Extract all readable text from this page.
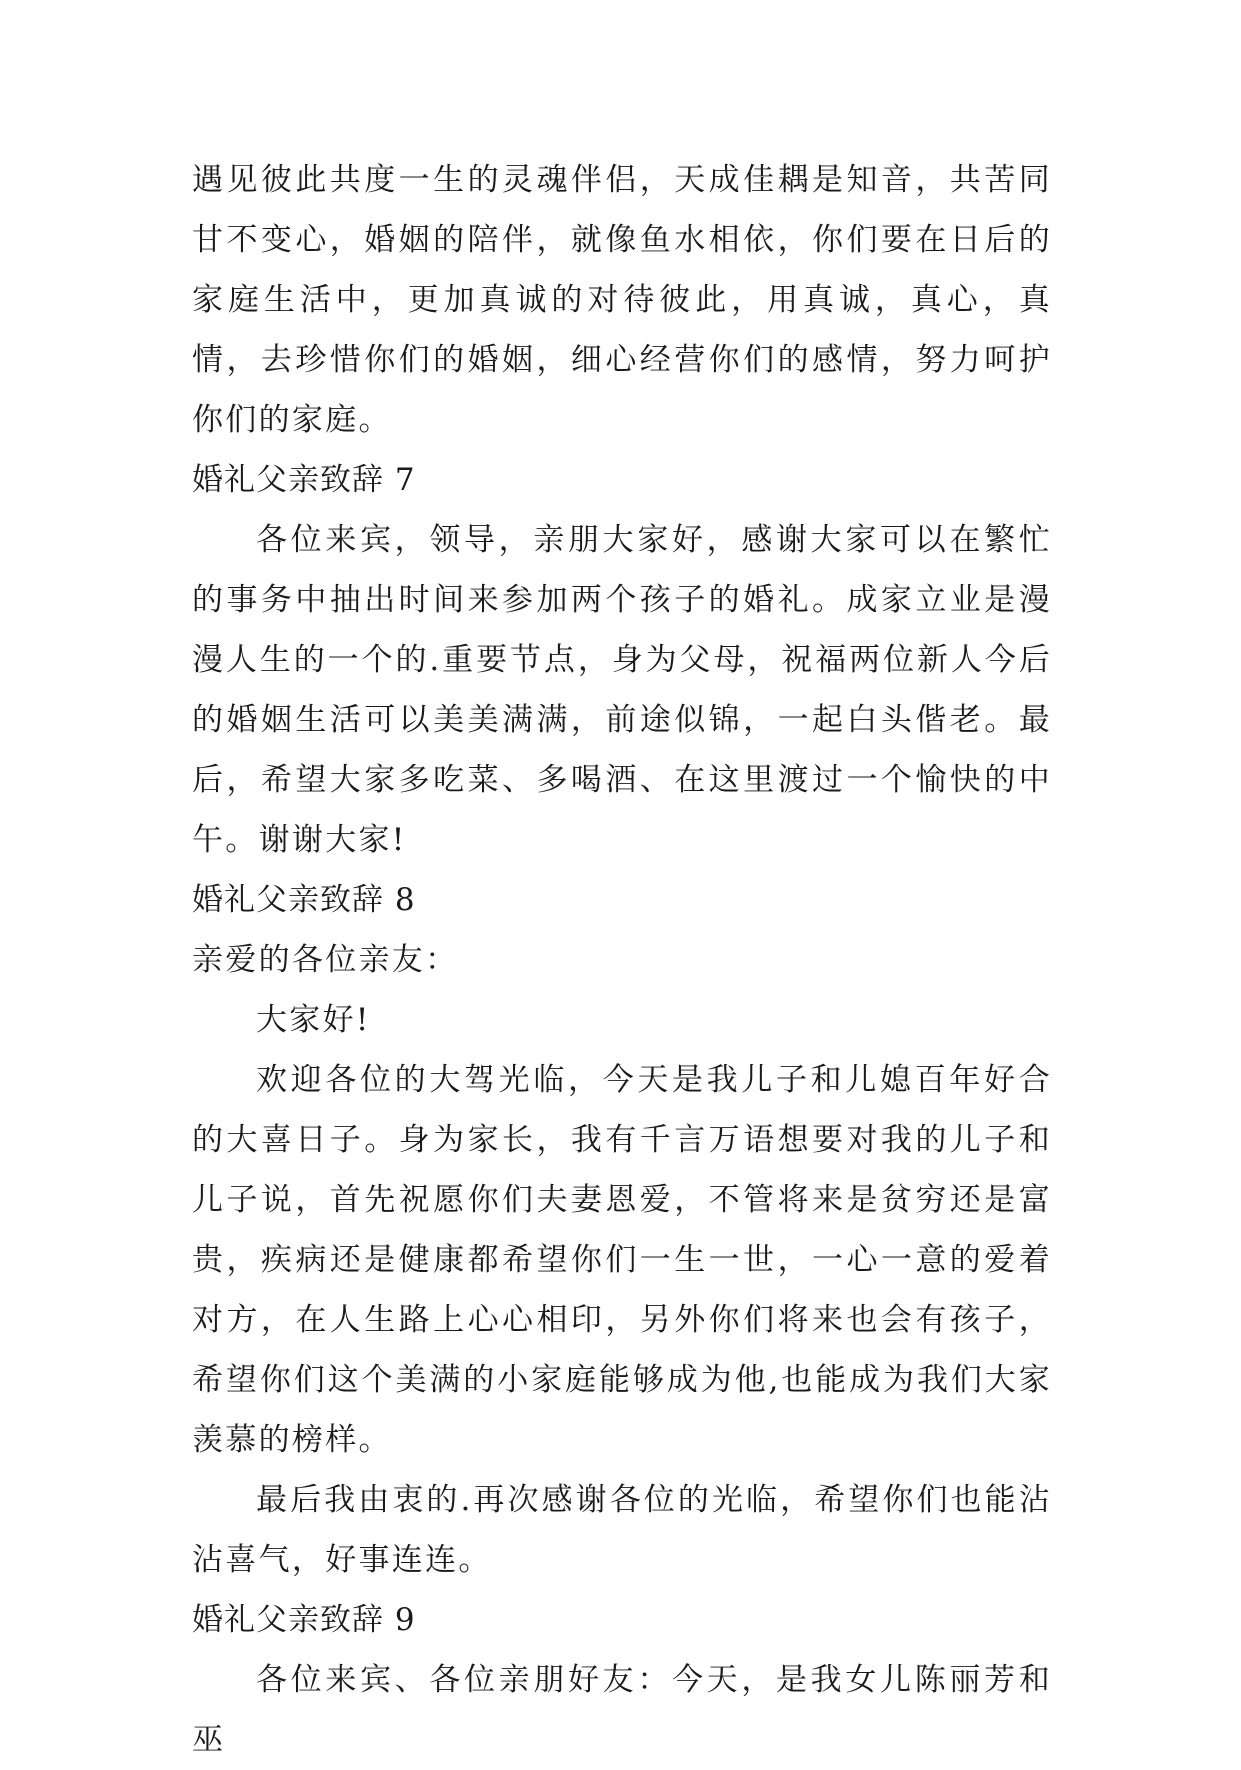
遇见彼此共度一生的灵魂伴侣，天成佳耦是知音，共苦同甘不变心，婚姻的陪伴，就像鱼水相依，你们要在日后的家庭生活中，更加真诚的对待彼此，用真诚，真心，真情，去珍惜你们的婚姻，细心经营你们的感情，努力呵护你们的家庭。

婚礼父亲致辞 7

各位来宾，领导，亲朋大家好，感谢大家可以在繁忙的事务中抽出时间来参加两个孩子的婚礼。成家立业是漫漫人生的一个的.重要节点，身为父母，祝福两位新人今后的婚姻生活可以美美满满，前途似锦，一起白头偕老。最后，希望大家多吃菜、多喝酒、在这里渡过一个愉快的中午。谢谢大家!

婚礼父亲致辞 8

亲爱的各位亲友：

大家好!

欢迎各位的大驾光临，今天是我儿子和儿媳百年好合的大喜日子。身为家长，我有千言万语想要对我的儿子和儿子说，首先祝愿你们夫妻恩爱，不管将来是贫穷还是富贵，疾病还是健康都希望你们一生一世，一心一意的爱着对方，在人生路上心心相印，另外你们将来也会有孩子，希望你们这个美满的小家庭能够成为他,也能成为我们大家羡慕的榜样。

最后我由衷的.再次感谢各位的光临，希望你们也能沾沾喜气，好事连连。

婚礼父亲致辞 9

各位来宾、各位亲朋好友：今天，是我女儿陈丽芳和巫
